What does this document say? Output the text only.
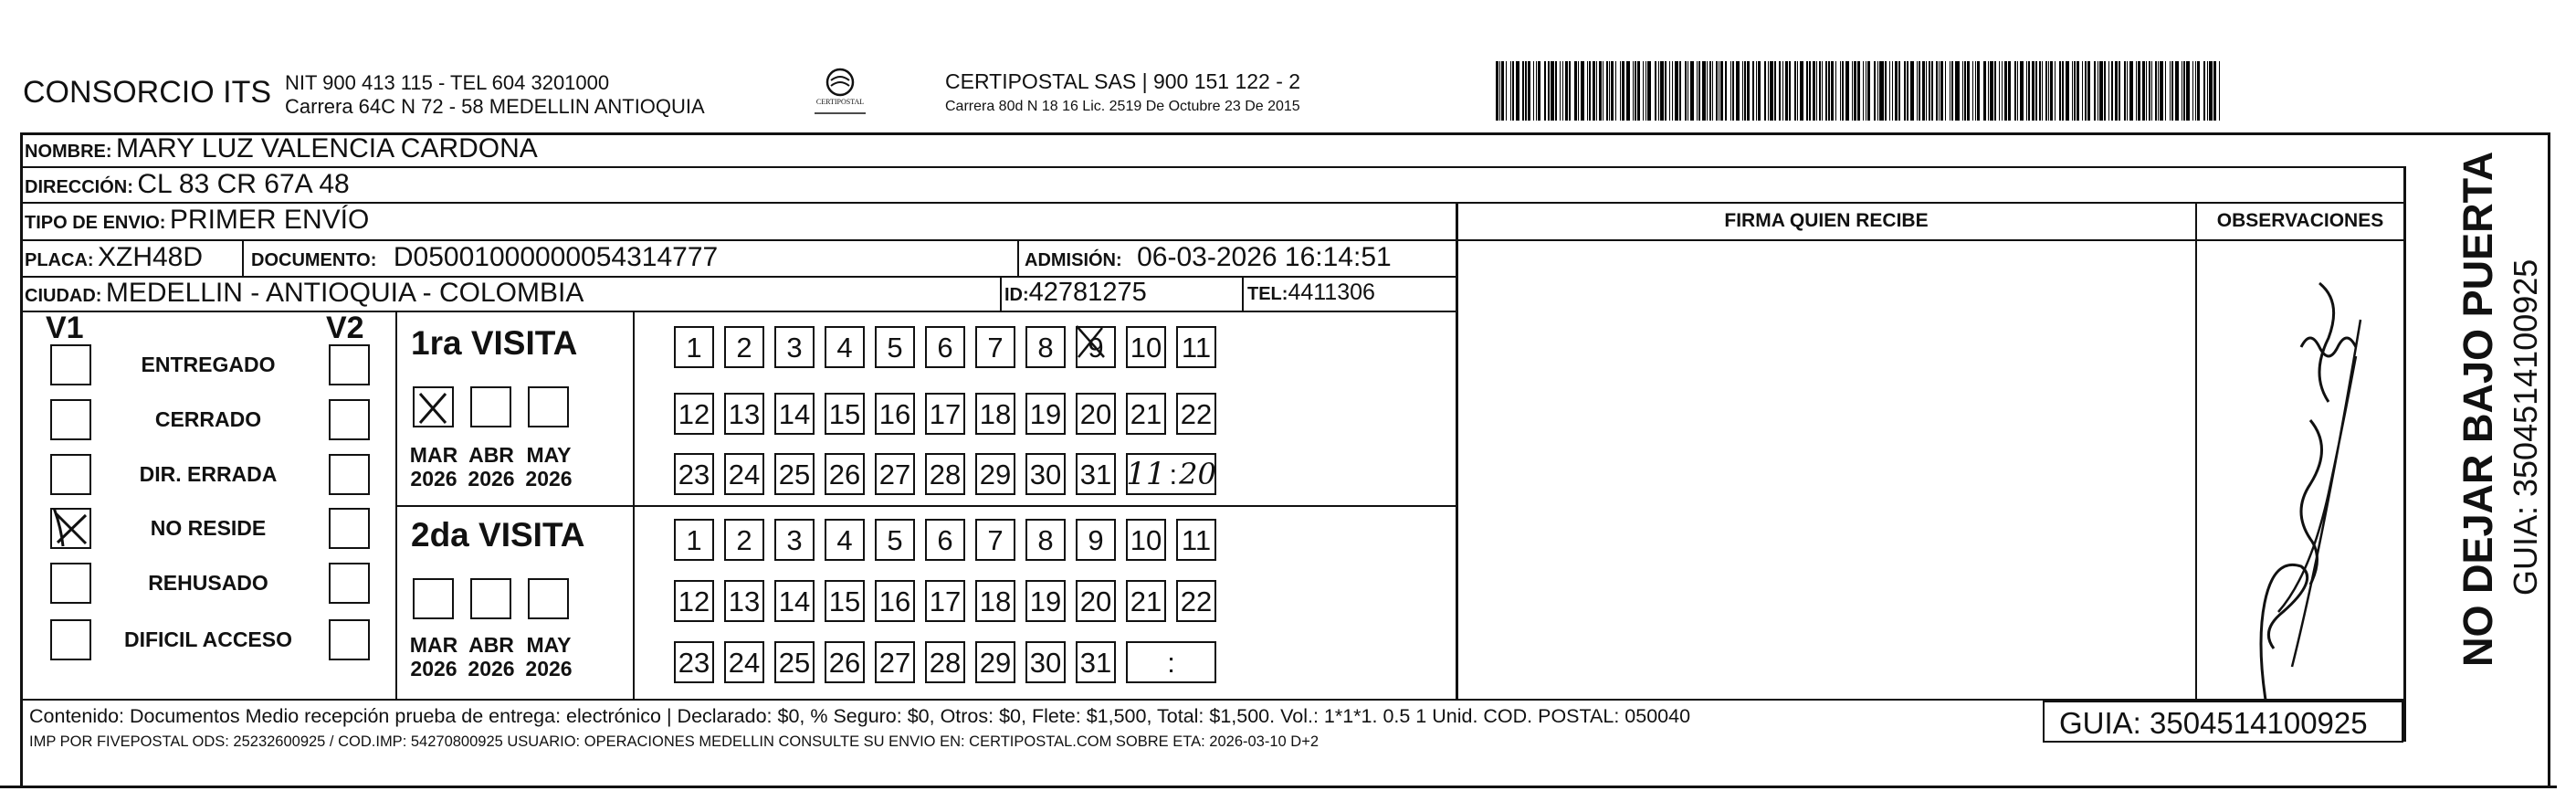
CONSORCIO ITS NIT 900 413 115 - TEL 604 3201000
Carrera 64C N 72 - 58 MEDELLIN ANTIOQUIA	CERTIPOSTAL
CERTIPOSTAL SAS | 900 151 122 - 2
Carrera 80d N 18 16 Lic. 2519 De Octubre 23 De 2015
NOMBRE: MARY LUZ VALENCIA CARDONA
DIRECCIÓN: CL 83 CR 67A 48
TIPO DE ENVIO: PRIMER ENVÍO
PLACA: XZH48D	DOCUMENTO: D05001000000054314777	ADMISIÓN: 06-03-2026 16:14:51
CIUDAD: MEDELLIN - ANTIOQUIA - COLOMBIA	ID:42781275	TEL:4411306
FIRMA QUIEN RECIBE	OBSERVACIONES	NO DEJAR BAJO PUERTA GUIA: 3504514100925
V1	V2
ENTREGADO
CERRADO
DIR. ERRADA
NO RESIDE
REHUSADO
DIFICIL ACCESO
1ra VISITA
2da VISITA
MAR
2026
ABR
2026
MAY
2026
MAR
2026
ABR
2026
MAY
2026
1	2	3	4	5	6	7	8	9 10 11
12 13 14 15 16 17 18 19 20 21 22
23 24 25 26 27 28 29 30 31 11 : 20
1	2	3	4	5	6	7	8	9 10 11
12 13 14 15 16 17 18 19 20 21 22
23 24 25 26 27 28 29 30 31 :
Contenido: Documentos Medio recepción prueba de entrega: electrónico | Declarado: $0, % Seguro: $0, Otros: $0, Flete: $1,500, Total: $1,500. Vol.: 1*1*1. 0.5 1 Unid. COD. POSTAL: 050040
IMP POR FIVEPOSTAL ODS: 25232600925 / COD.IMP: 54270800925 USUARIO: OPERACIONES MEDELLIN CONSULTE SU ENVIO EN: CERTIPOSTAL.COM SOBRE ETA: 2026-03-10 D+2
GUIA: 3504514100925
